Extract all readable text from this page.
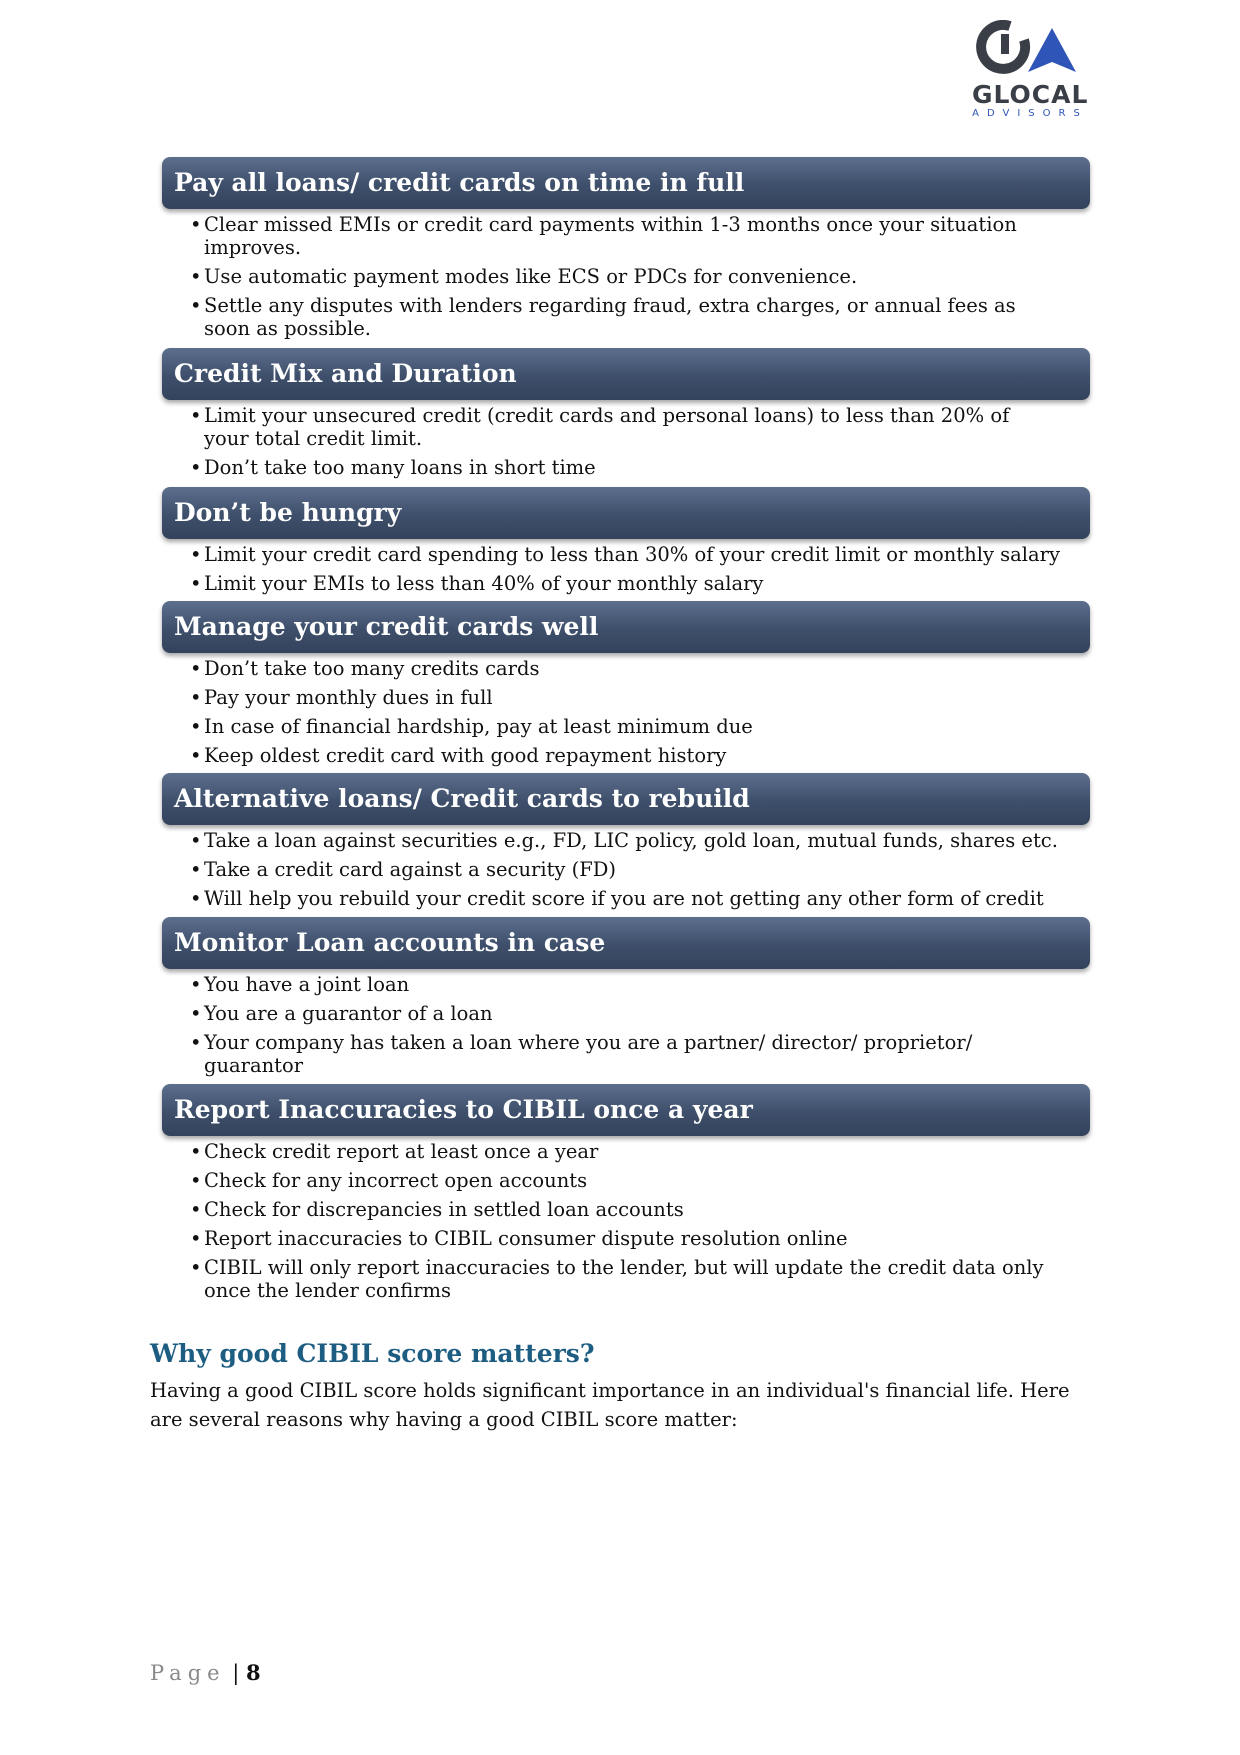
GLOCAL
ADVISORS
Pay all loans/ credit cards on time in full
• Clear missed EMIs or credit card payments within 1-3 months once your situation improves.
• Use automatic payment modes like ECS or PDCs for convenience.
• Settle any disputes with lenders regarding fraud, extra charges, or annual fees as soon as possible.
Credit Mix and Duration
• Limit your unsecured credit (credit cards and personal loans) to less than 20% of your total credit limit.
• Don’t take too many loans in short time
Don’t be hungry
• Limit your credit card spending to less than 30% of your credit limit or monthly salary
• Limit your EMIs to less than 40% of your monthly salary
Manage your credit cards well
• Don’t take too many credits cards
• Pay your monthly dues in full
• In case of financial hardship, pay at least minimum due
• Keep oldest credit card with good repayment history
Alternative loans/ Credit cards to rebuild
• Take a loan against securities e.g., FD, LIC policy, gold loan, mutual funds, shares etc.
• Take a credit card against a security (FD)
• Will help you rebuild your credit score if you are not getting any other form of credit
Monitor Loan accounts in case
• You have a joint loan
• You are a guarantor of a loan
• Your company has taken a loan where you are a partner/ director/ proprietor/ guarantor
Report Inaccuracies to CIBIL once a year
• Check credit report at least once a year
• Check for any incorrect open accounts
• Check for discrepancies in settled loan accounts
• Report inaccuracies to CIBIL consumer dispute resolution online
• CIBIL will only report inaccuracies to the lender, but will update the credit data only once the lender confirms
Why good CIBIL score matters?
Having a good CIBIL score holds significant importance in an individual's financial life. Here are several reasons why having a good CIBIL score matter:
Page | 8
